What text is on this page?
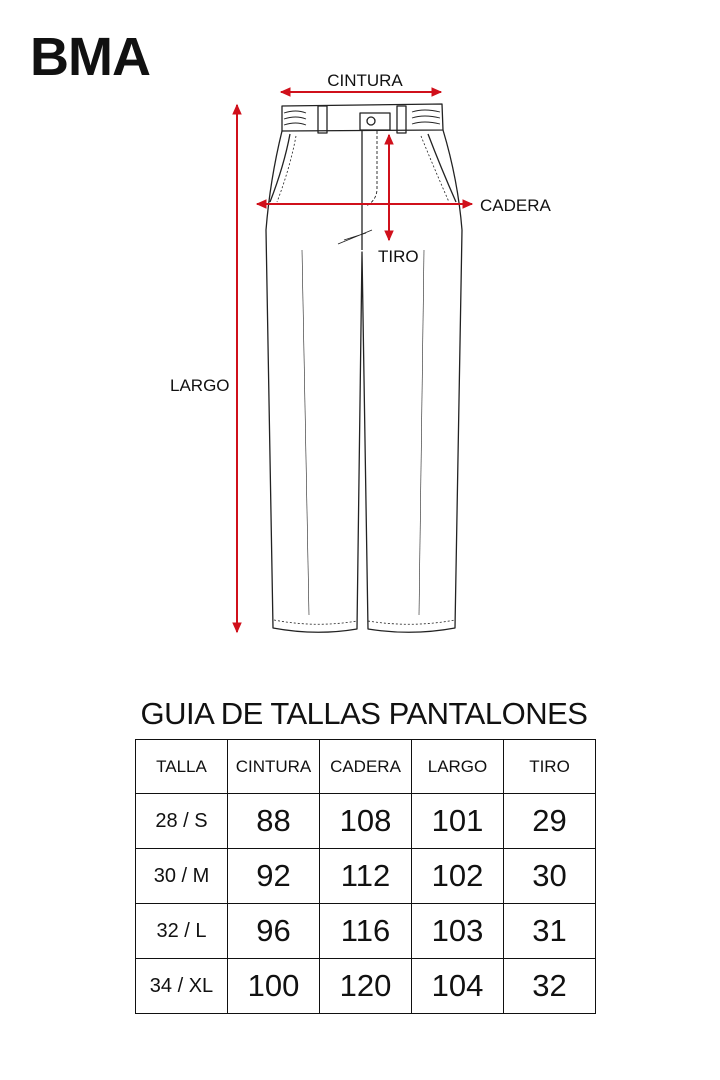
BMA	CINTURA
CADERA
TIRO
LARGO
GUIA DE TALLAS PANTALONES
TALLA	CINTURA	CADERA	LARGO	TIRO
28 / S	88	108	101	29
30 / M	92	112	102	30
32 / L	96	116	103	31
34 / XL	100	120	104	32
